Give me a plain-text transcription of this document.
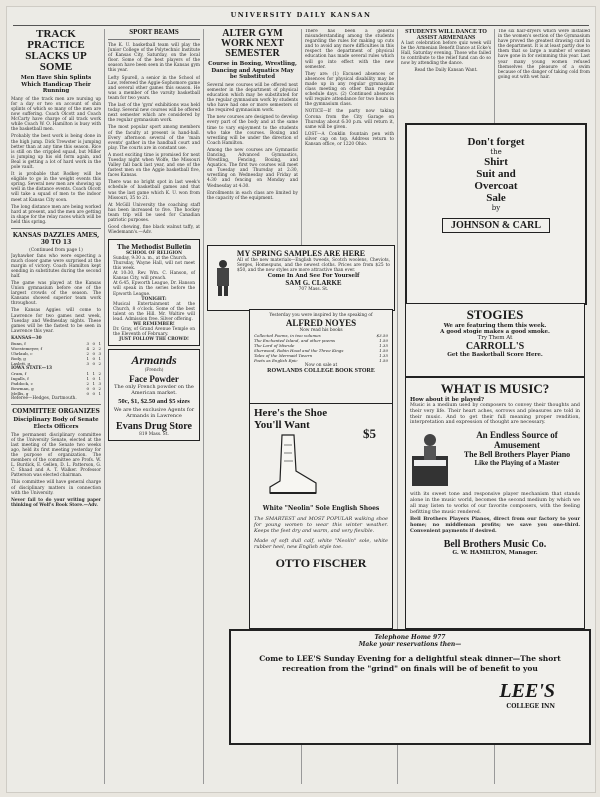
UNIVERSITY DAILY KANSAN
TRACK PRACTICE SLACKS UP SOME
Men Have Shin Splints Which Handicap Their Running

Many of the track men are nursing up for a day or two on account of shin splints of which so many of the men are now suffering. Coach Olcott and Coach McCarty have charge of all track work while Coach W. O. Hamilton is busy with the basketball men.

Probably the best work is being done in the high jump. Dick Trewster is jumping better than at any time this season. Rice is still on the crippled squad, but Miller is jumping up his old form again, and Beal is getting a lot of hard work in the pole vault.

It is probable that Rodkey will be eligible to go in the weight events this spring. Several new men are showing up well in the distance events. Coach Olcott will take a squad of men to the indoor meet at Kansas City soon.

The long distance men are being worked hard at present, and the men are getting in shape for the relay races which will be held this spring.

KANSAS DAZZLES AMES, 30 TO 13
(Continued from page 1)

Jayhawker fans who were expecting a much closer game were surprised at the margin of victory. Coach Hamilton kept sending in substitutes during the second half.

The game was played at the Kansas Union gymnasium before one of the largest crowds of the season. The Kansans showed superior team work throughout.

The Kansas Aggies will come to Lawrence for two games next week, Tuesday and Wednesday nights. These games will be the fastest to be seen in Lawrence this year.

KANSAS—30
Bunn, f	3	0	1
Woestemeyer, f	4	2	2
Uhrlaub, c	2	0	3
Rody, g	1	0	1
Laslett, g	3	0	2
IOWA STATE—13
Cram, f	1	1	2
Ingalls, f	1	0	1
Paddock, c	2	1	3
Bowman, g	0	0	2
Mellis, g	0	0	1
Referee—Hedges, Dartmouth.
COMMITTEE ORGANIZES
Disciplinary Body of Senate Elects Officers

The permanent disciplinary committee of the University Senate, elected at the last meeting of the Senate two weeks ago, held its first meeting yesterday for the purpose of organization. The members of the committee are Profs. W. L. Burdick, E. Gellen, D. L. Patterson, G. C. Shaad and A. T. Walker. Professor Patterson was elected chairman.

This committee will have general charge of disciplinary matters in connection with the University.

Never fail to do your writing paper thinking of Wolf's Book Store.—Adv.

SPORT BEAMS

The K. U. basketball team will play the Junior College of the Polytechnic Institute of Kansas City, Saturday, on the local floor. Some of the best players of the season have been seen in the Kansas gym this year.

Lefty Spurell, a senior in the School of Law, refereed the Aggie-Sophomore game and several other games this season. He was a member of the varsity basketball team for two years.

The last of the 'gym' exhibitions was held today. Several new courses will be offered next semester which are considered by the regular gymnasium work.

The most popular sport among members of the faculty at present is hand-ball. Every afternoon several of the 'main events' gather in the handball court and play. The courts are in constant use.

A most exciting time is promised for next Tuesday night when Wolfe, the Missouri Valley fall back last year, and one of the fastest men on the Aggie basketball five, faces Kansas.

There was no bright spot in last week's schedule of basketball games and that was the last game which K. U. won from Missouri, 35 to 21.

At McGill University the coaching staff has been increased to five. The hockey team trip will be used for Canadian patriotic purposes.

Good chewing, fine black walnut taffy, at Wiedemann's.—Adv.

The Methodist Bulletin
SCHOOL OF RELIGION
Sunday, 9:30 a. m., at the Church.
Thursday, Wayne Hall, will not meet this week.
At 10:30, Rev. Wm. C. Hanson, of Kansas City, will preach.
At 6:45, Epworth League, Dr. Hanson will speak in the series before the Epworth League.
TONIGHT:
Musical Entertainment at the Church, 8 o'clock. Some of the best talent on the Hill. Mr. Waltire will lead. Admission free. Silver offering.
WE REMEMBER!
Dr. Gray, of Grand Avenue Temple on the Eleventh of February.
JUST FOLLOW THE CROWD!
Armands
(French)
Face Powder
The only French powder on the American market.
50c, $1, $2.50 and $5 sizes
We are the exclusive Agents for Armands in Lawrence
Evans Drug Store
819 Mass. St.
ALTER GYM WORK NEXT SEMESTER
Course in Boxing, Wrestling, Dancing and Aquatics May be Substituted

Several new courses will be offered next semester in the department of physical education which may be substituted for the regular gymnasium work by students who have had one or more semesters of the required gymnasium work.

The new courses are designed to develop every part of the body and at the same time to vary enjoyment to the students who take the courses. Boxing and wrestling will be under the direction of Coach Hamilton.

Among the new courses are Gymnastic Dancing, Advanced Gymnastics, Wrestling, Fencing, Boxing, and Aquatics. The first two courses will meet on Tuesday and Thursday at 2:30, wrestling on Wednesday and Friday at 4:30 and fencing on Monday and Wednesday at 4:30.

Enrollments in each class are limited by the capacity of the equipment.

There has been a general misunderstanding among the students regarding the rules for making up cuts and to avoid any more difficulties in this respect the department of physical education has made several rules which will go into effect with the new semester.

They are: (1) Excused absences or absences for physical disability may be made up in any regular gymnasium class meeting on other than regular schedule days. (2) Continued absences will require attendance for two hours in the gymnasium class.

NOTICE—If the party now taking Corona from the City Garage on Thursday about 6:30 p.m. will return it, same will be given.

LOST—A Conklin fountain pen with silver cap on top. Address return to Kansan office, or 1220 Ohio.

STUDENTS WILL DANCE TO ASSIST ARMENIANS

A last celebration before quiz week will be the Armenian Benefit Dance at Ecke's Hall, Saturday evening. Those who failed to contribute to the relief fund can do so now by attending the dance.

Read the Daily Kansan Want.

The six hair-dryers which were installed in the women's section of the Gymnasium have proved the greatest drawing card in the department. It is at least partly due to them that so large a number of women have gone in for swimming this year. Last year many young women refused themselves the pleasure of a swim because of the danger of taking cold from going out with wet hair.

MY SPRING SAMPLES ARE HERE
All of the new materials—English tweeds, Scotch woolens, Cheviots, Serges, Homespuns, and the newest cloths. Prices are from $25 to $50, and the new styles are more attractive than ever.
Come In And See For Yourself
SAM G. CLARKE
707 Mass. St.
Yesterday you were inspired by the speaking of
ALFRED NOYES
Now read his books
Collected Poems, in two volumes	$3.50
The Enchanted Island, and other poems	1.50
The Lord of Misrule	1.35
Sherwood, Robin Hood and the Three Kings	1.50
Tales of the Mermaid Tavern	1.35
Poets as English Epic	1.50
Now on sale at
ROWLANDS COLLEGE BOOK STORE
Here's the Shoe You'll Want
$5
White "Neolin" Sole English Shoes
The SMARTEST and MOST POPULAR walking shoe for young women to wear this winter weather. Keeps the feet dry and warm, and very flexible.
Made of soft dull calf, white "Neolin" sole, white rubber heel, new English style toe.
OTTO FISCHER
Don't forget
the
Shirt
Suit and
Overcoat
Sale
by
JOHNSON & CARL
STOGIES
We are featuring them this week.
A good stogie makes a good smoke.
Try Them At
CARROLL'S
Get the Basketball Score Here.
WHAT IS MUSIC?
How about it be played?
Music is a medium used by composers to convey their thoughts and their very life. Their heart aches, sorrows and pleasures are told in their music. And to get their full meaning proper rendition, interpretation and expression of thought are necessary.
An Endless Source of Amusement
The Bell Brothers Player Piano
Like the Playing of a Master
with its sweet tone and responsive player mechanism that stands alone in the music world, becomes the second medium by which we all may listen to works of our favorite composers, with the feeling befitting the music rendered.
Bell Brothers Players Pianos, direct from our factory to your home; no middleman profits; we save you one-third. Convenient payments if desired.
Bell Brothers Music Co.
G. W. HAMILTON, Manager.
Telephone Home 977
Make your reservations then—
Come to LEE'S Sunday Evening for a delightful steak dinner—The short recreation from the "grind" on finals will be of benefit to you
LEE'S
COLLEGE INN
